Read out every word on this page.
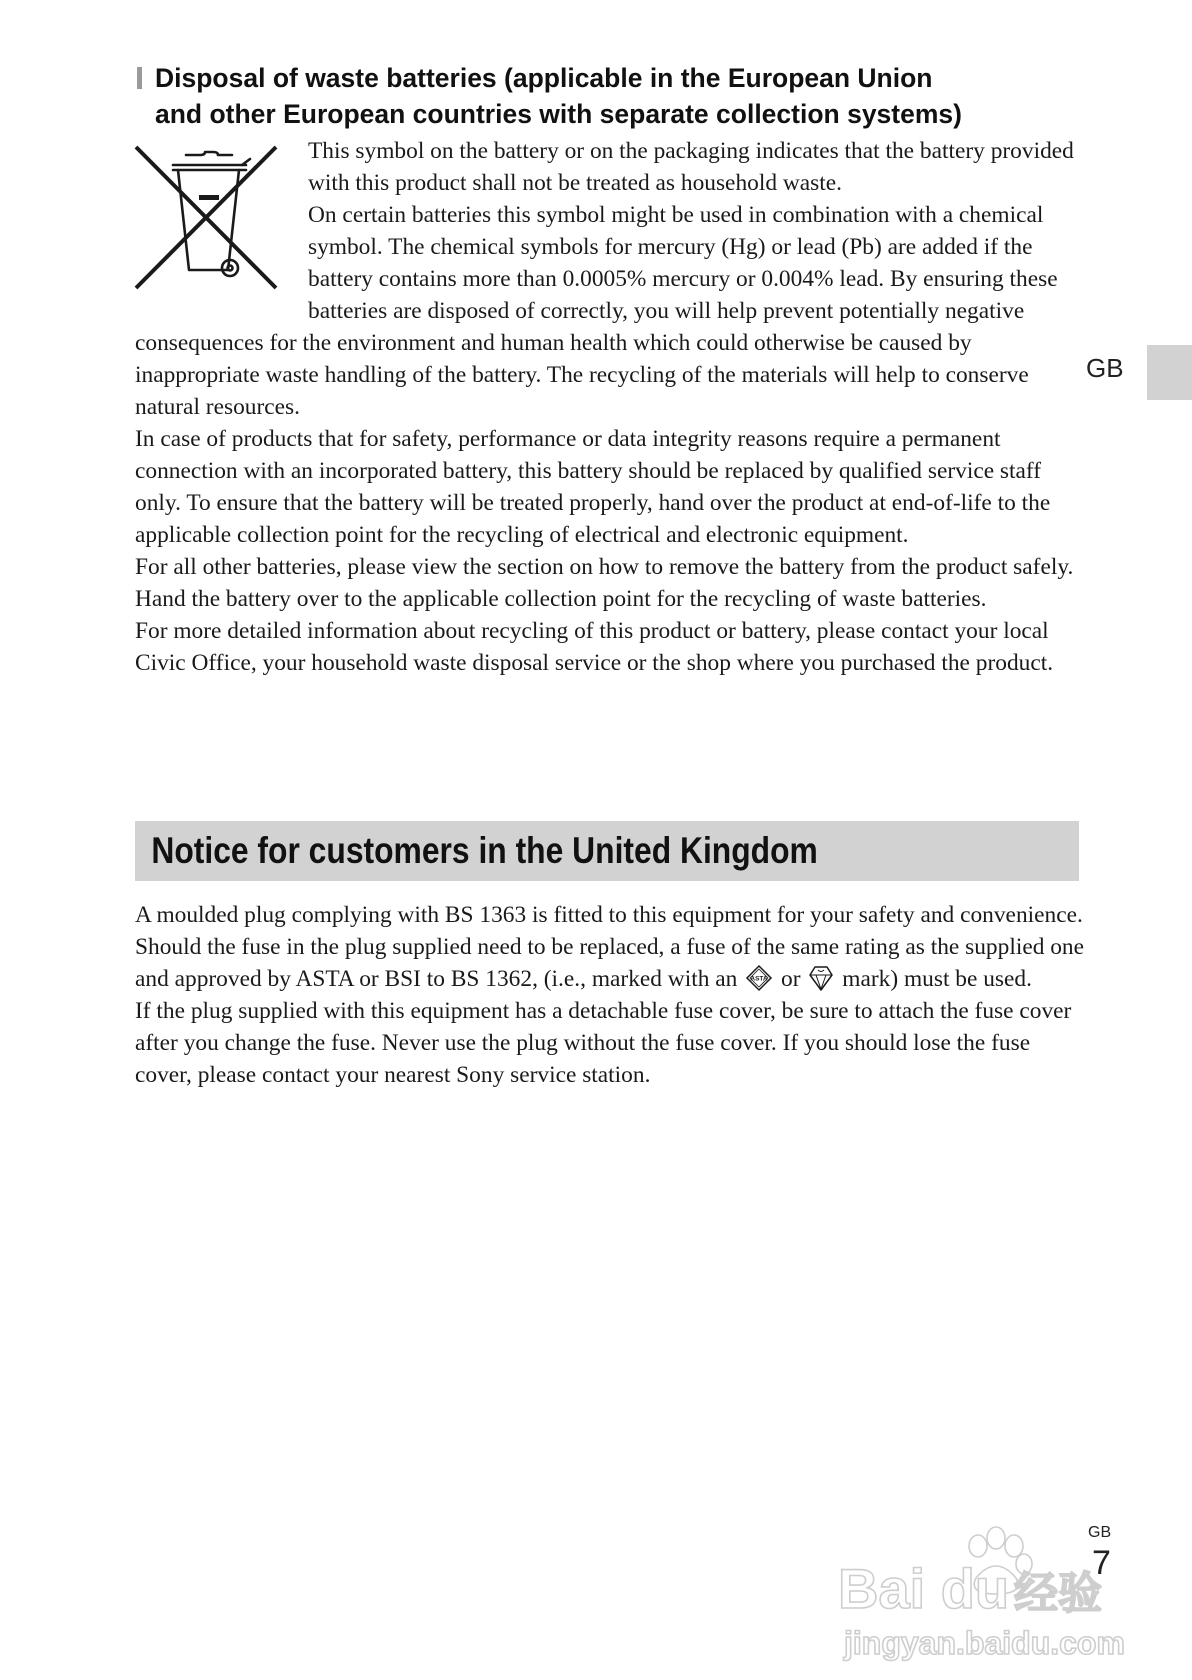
Disposal of waste batteries (applicable in the European Union
and other European countries with separate collection systems)

This symbol on the battery or on the packaging indicates that the battery provided with this product shall not be treated as household waste.

On certain batteries this symbol might be used in combination with a chemical symbol. The chemical symbols for mercury (Hg) or lead (Pb) are added if the battery contains more than 0.0005% mercury or 0.004% lead. By ensuring these batteries are disposed of correctly, you will help prevent potentially negative consequences for the environment and human health which could otherwise be caused by inappropriate waste handling of the battery. The recycling of the materials will help to conserve natural resources.

In case of products that for safety, performance or data integrity reasons require a permanent connection with an incorporated battery, this battery should be replaced by qualified service staff only. To ensure that the battery will be treated properly, hand over the product at end-of-life to the applicable collection point for the recycling of electrical and electronic equipment.

For all other batteries, please view the section on how to remove the battery from the product safely.

Hand the battery over to the applicable collection point for the recycling of waste batteries.

For more detailed information about recycling of this product or battery, please contact your local Civic Office, your household waste disposal service or the shop where you purchased the product.

Notice for customers in the United Kingdom

A moulded plug complying with BS 1363 is fitted to this equipment for your safety and convenience.

Should the fuse in the plug supplied need to be replaced, a fuse of the same rating as the supplied one and approved by ASTA or BSI to BS 1362, (i.e., marked with an ASTA or mark) must be used.

If the plug supplied with this equipment has a detachable fuse cover, be sure to attach the fuse cover after you change the fuse. Never use the plug without the fuse cover. If you should lose the fuse cover, please contact your nearest Sony service station.

GB
GB
7
Bai du 经验
jingyan.baidu.com
